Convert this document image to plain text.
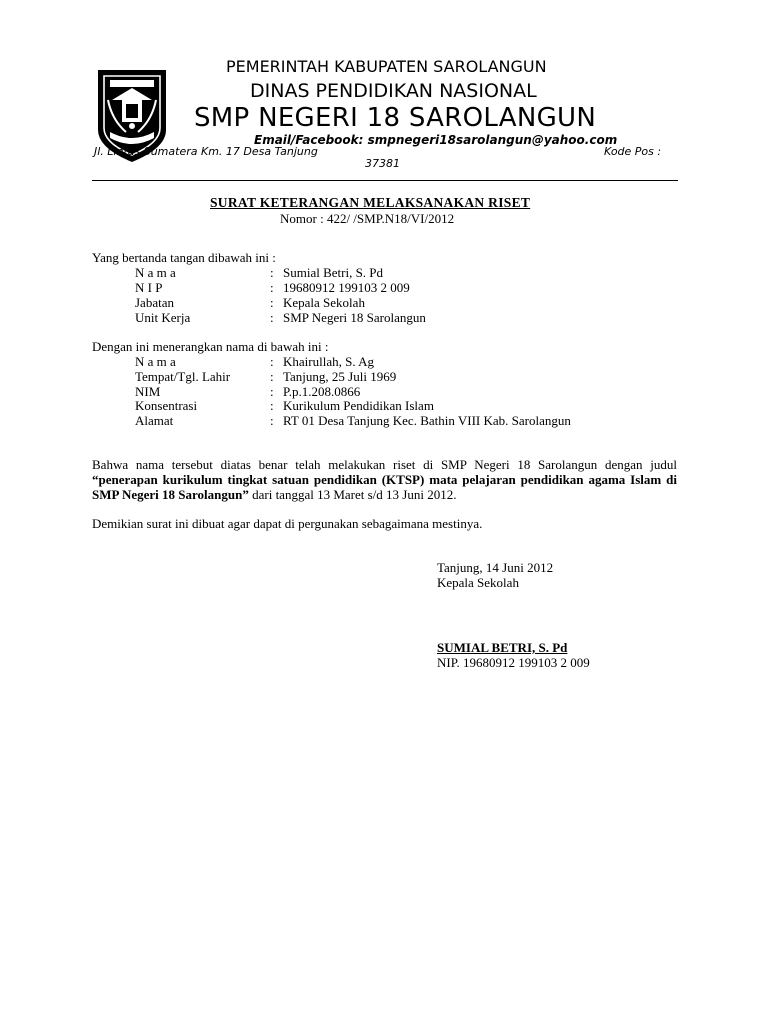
PEMERINTAH KABUPATEN SAROLANGUN
DINAS PENDIDIKAN NASIONAL
SMP NEGERI 18 SAROLANGUN
Email/Facebook: smpnegeri18sarolangun@yahoo.com
Jl. Lintas Sumatera Km. 17 Desa Tanjung	Kode Pos :
37381
SURAT KETERANGAN MELAKSANAKAN RISET
Nomor : 422/ /SMP.N18/VI/2012
Yang bertanda tangan dibawah ini :
N a m a	: Sumial Betri, S. Pd
N I P	: 19680912 199103 2 009
Jabatan	: Kepala Sekolah
Unit Kerja	: SMP Negeri 18 Sarolangun
Dengan ini menerangkan nama di bawah ini :
N a m a	: Khairullah, S. Ag
Tempat/Tgl. Lahir	: Tanjung, 25 Juli 1969
NIM	: P.p.1.208.0866
Konsentrasi	: Kurikulum Pendidikan Islam
Alamat	: RT 01 Desa Tanjung Kec. Bathin VIII Kab. Sarolangun
Bahwa nama tersebut diatas benar telah melakukan riset di SMP Negeri 18 Sarolangun dengan judul “penerapan kurikulum tingkat satuan pendidikan (KTSP) mata pelajaran pendidikan agama Islam di SMP Negeri 18 Sarolangun” dari tanggal 13 Maret s/d 13 Juni 2012.
Demikian surat ini dibuat agar dapat di pergunakan sebagaimana mestinya.
Tanjung, 14 Juni 2012
Kepala Sekolah
SUMIAL BETRI, S. Pd
NIP. 19680912 199103 2 009
